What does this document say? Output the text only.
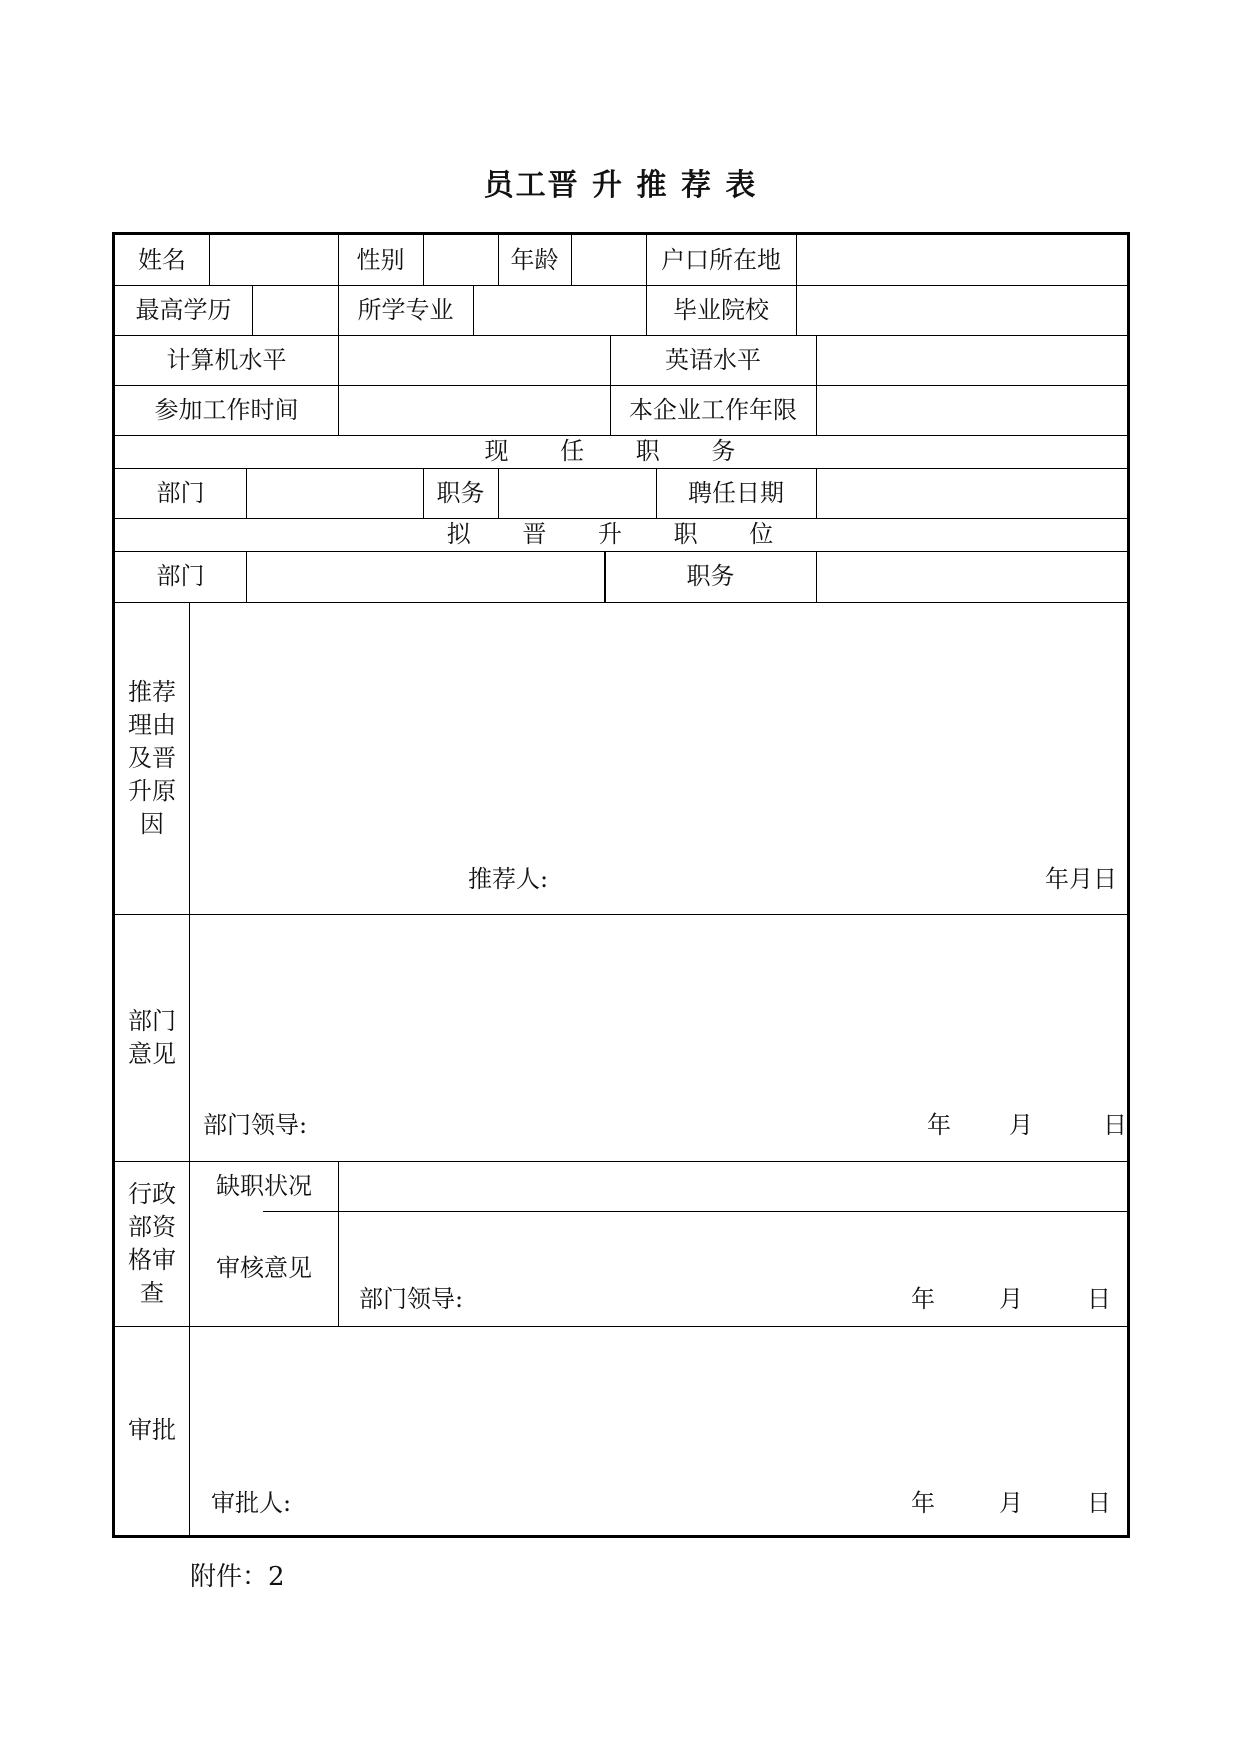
员工晋 升 推 荐 表
姓名	性别	年龄	户口所在地
最高学历	所学专业	毕业院校
计算机水平	英语水平
参加工作时间	本企业工作年限
现 任 职 务
部门	职务	聘任日期
拟 晋 升 职 位
部门	职务
推荐理由及晋升原因
推荐人:	年月日
部门意见
部门领导:	年 月	日
行政部资格审查
缺职状况
审核意见
部门领导:	年	月	日
审批
审批人:	年	月	日
附件：2
